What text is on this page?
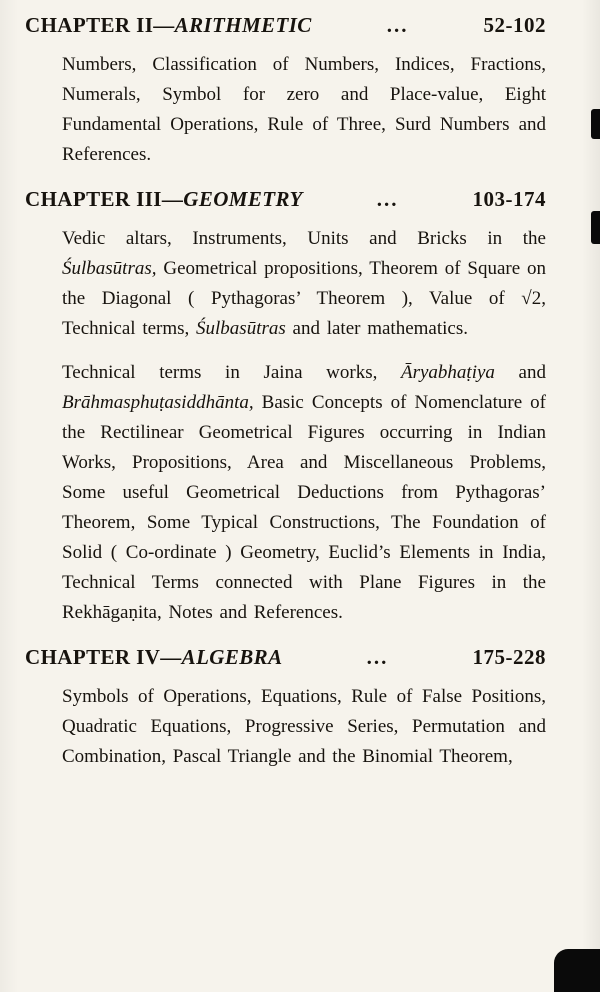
CHAPTER II— ARITHMETIC	...	52-102

Numbers, Classification of Numbers, Indices, Fractions, Numerals, Symbol for zero and Place-value, Eight Fundamental Operations, Rule of Three, Surd Numbers and References.

CHAPTER III— GEOMETRY	...	103-174

Vedic altars, Instruments, Units and Bricks in the Śulbasūtras, Geometrical propositions, Theorem of Square on the Diagonal ( Pythagoras’ Theorem ), Value of √2, Technical terms, Śulbasūtras and later mathematics.

Technical terms in Jaina works, Āryabhaṭiya and Brāhmasphuṭasiddhānta, Basic Concepts of Nomenclature of the Rectilinear Geometrical Figures occurring in Indian Works, Propositions, Area and Miscellaneous Problems, Some useful Geometrical Deductions from Pythagoras’ Theorem, Some Typical Constructions, The Foundation of Solid ( Co-ordinate ) Geometry, Euclid’s Elements in India, Technical Terms connected with Plane Figures in the Rekhāgaṇita, Notes and References.

CHAPTER IV— ALGEBRA	...	175-228

Symbols of Operations, Equations, Rule of False Positions, Quadratic Equations, Progressive Series, Permutation and Combination, Pascal Triangle and the Binomial Theorem,
